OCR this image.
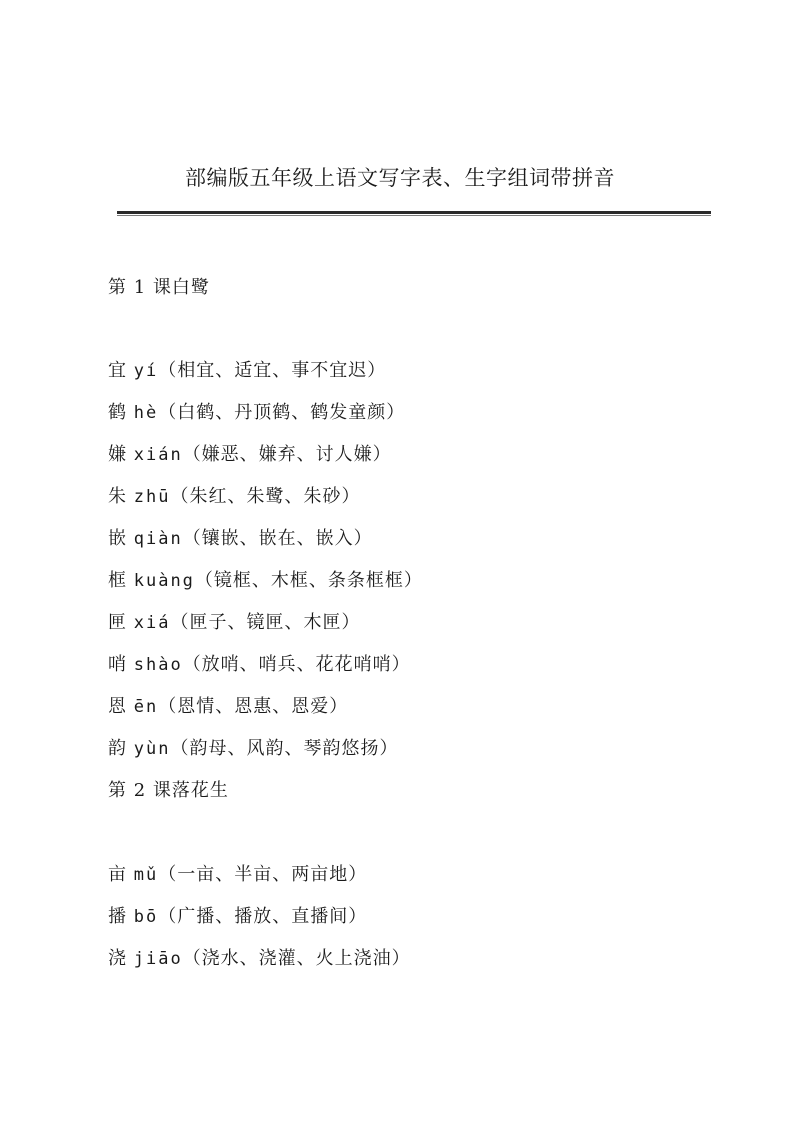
部编版五年级上语文写字表、生字组词带拼音
第 1 课白鹭
宜 yí（相宜、适宜、事不宜迟）
鹤 hè（白鹤、丹顶鹤、鹤发童颜）
嫌 xián（嫌恶、嫌弃、讨人嫌）
朱 zhū（朱红、朱鹭、朱砂）
嵌 qiàn（镶嵌、嵌在、嵌入）
框 kuàng（镜框、木框、条条框框）
匣 xiá（匣子、镜匣、木匣）
哨 shào（放哨、哨兵、花花哨哨）
恩 ēn（恩情、恩惠、恩爱）
韵 yùn（韵母、风韵、琴韵悠扬）
第 2 课落花生
亩 mǔ（一亩、半亩、两亩地）
播 bō（广播、播放、直播间）
浇 jiāo（浇水、浇灌、火上浇油）
